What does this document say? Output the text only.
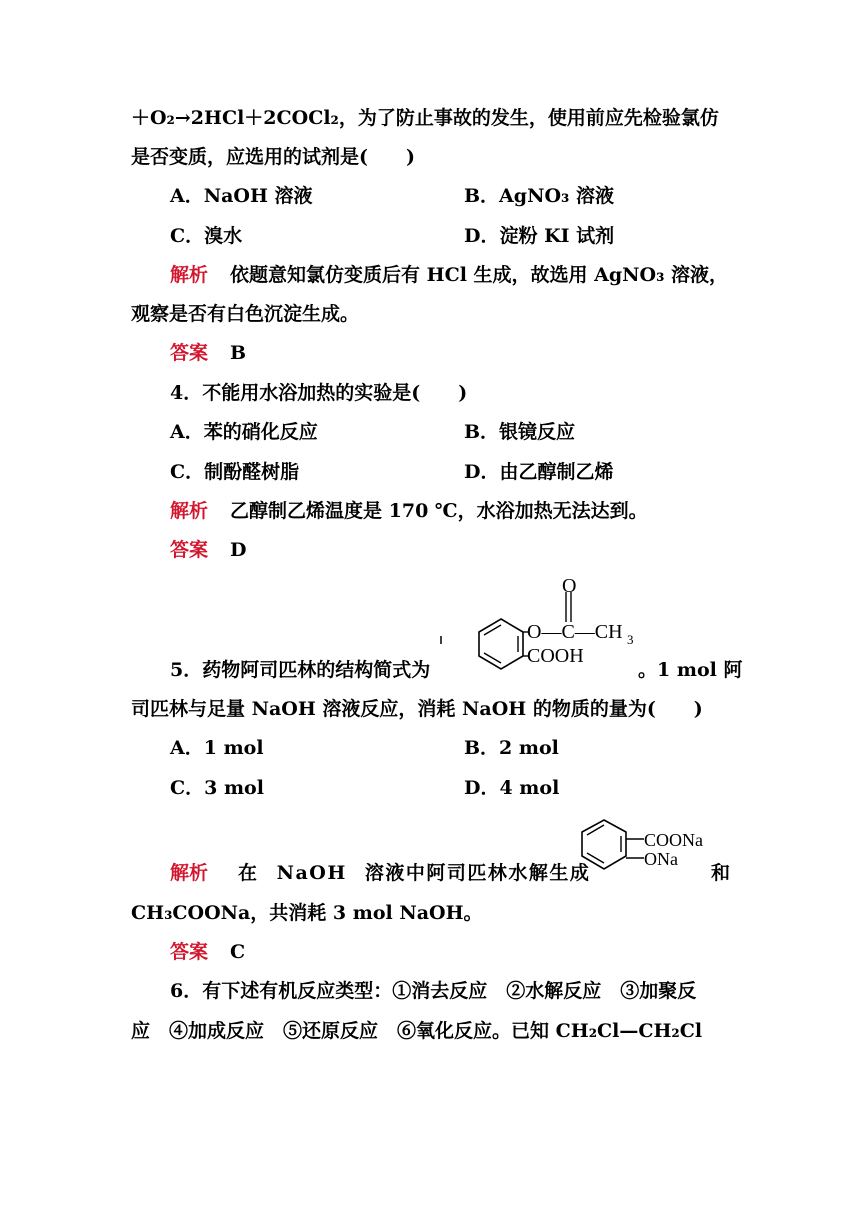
＋O₂→2HCl＋2COCl₂，为了防止事故的发生，使用前应先检验氯仿
是否变质，应选用的试剂是(　　)
A．NaOH 溶液	B．AgNO₃ 溶液
C．溴水	D．淀粉 KI 试剂
解析 依题意知氯仿变质后有 HCl 生成，故选用 AgNO₃ 溶液，
观察是否有白色沉淀生成。
答案 B
4．不能用水浴加热的实验是(　　)
A．苯的硝化反应	B．银镜反应
C．制酚醛树脂	D．由乙醇制乙烯
解析 乙醇制乙烯温度是 170 ℃，水浴加热无法达到。
答案 D
5．药物阿司匹林的结构简式为
O
O—C—CH 3
COOH
。1 mol 阿
司匹林与足量 NaOH 溶液反应，消耗 NaOH 的物质的量为(　　)
A．1 mol	B．2 mol
C．3 mol	D．4 mol
解析 在 NaOH 溶液中阿司匹林水解生成
COONa
ONa
和
CH₃COONa，共消耗 3 mol NaOH。
答案 C
6．有下述有机反应类型：①消去反应　②水解反应　③加聚反
应　④加成反应　⑤还原反应　⑥氧化反应。已知 CH₂Cl—CH₂Cl
